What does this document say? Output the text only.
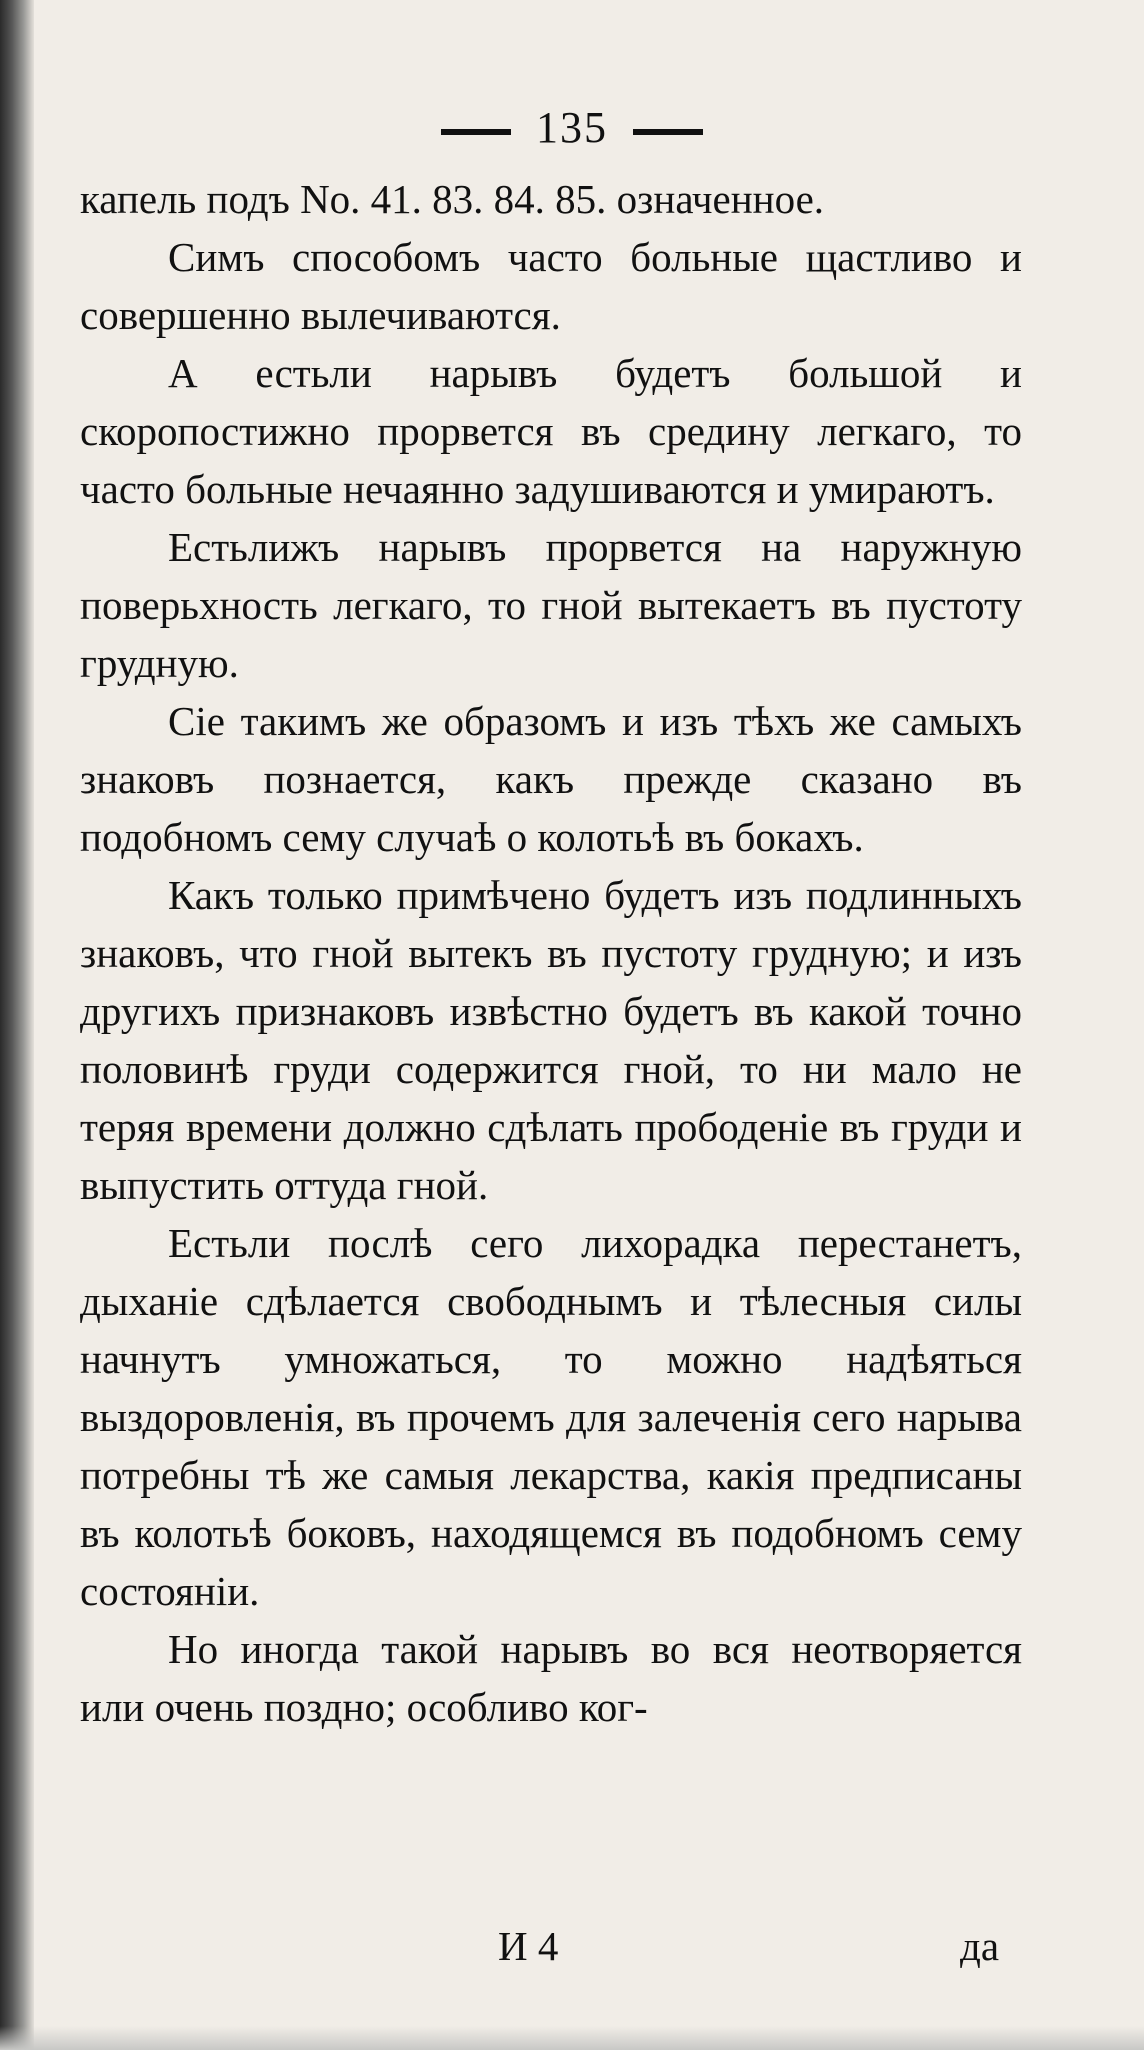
135

капель подъ No. 41. 83. 84. 85. означенное.

Симъ способомъ часто больные щастливо и совершенно вылечиваются.

А естьли нарывъ будетъ большой и скоропостижно прорвется въ средину легкаго, то часто больные нечаянно задушиваются и умираютъ.

Естьлижъ нарывъ прорвется на наружную поверьхность легкаго, то гной вытекаетъ въ пустоту грудную.

Сіе такимъ же образомъ и изъ тѣхъ же самыхъ знаковъ познается, какъ прежде сказано въ подобномъ сему случаѣ о колотьѣ въ бокахъ.

Какъ только примѣчено будетъ изъ подлинныхъ знаковъ, что гной вытекъ въ пустоту грудную; и изъ другихъ признаковъ извѣстно будетъ въ какой точно половинѣ груди содержится гной, то ни мало не теряя времени должно сдѣлать прободеніе въ груди и выпустить оттуда гной.

Естьли послѣ сего лихорадка перестанетъ, дыханіе сдѣлается свободнымъ и тѣлесныя силы начнутъ умножаться, то можно надѣяться выздоровленія, въ прочемъ для залеченія сего нарыва потребны тѣ же самыя лекарства, какія предписаны въ колотьѣ боковъ, находящемся въ подобномъ сему состояніи.

Но иногда такой нарывъ во вся неотворяется или очень поздно; особливо ког-

И 4	да
